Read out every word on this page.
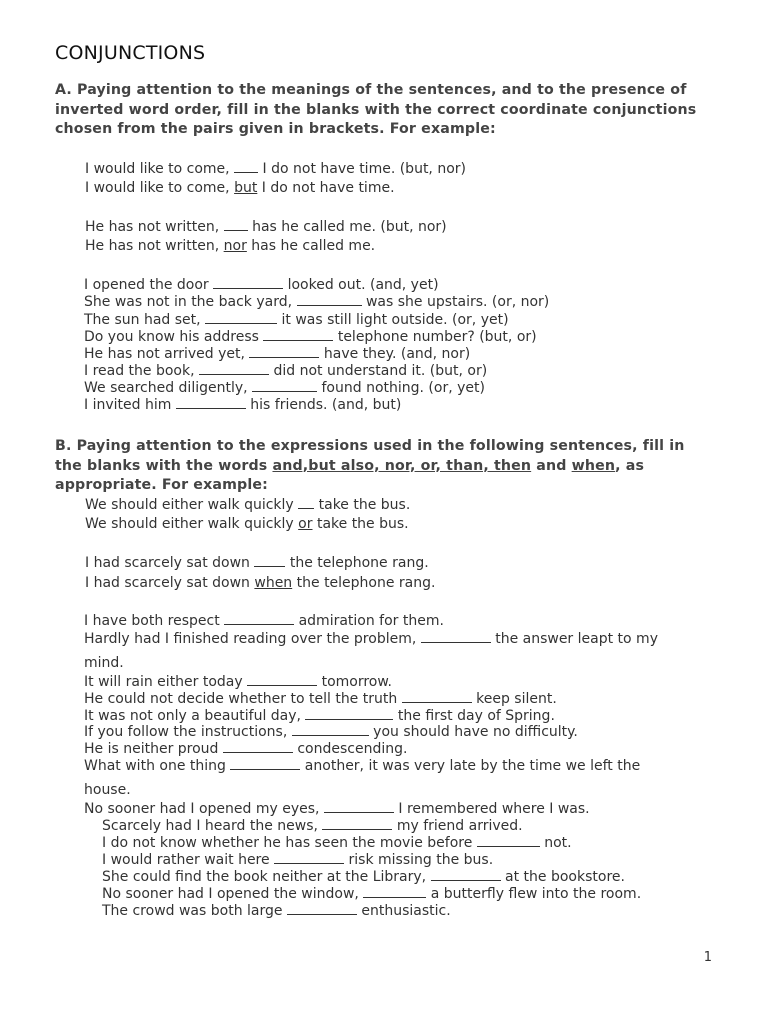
CONJUNCTIONS
A. Paying attention to the meanings of the sentences, and to the presence of inverted word order, fill in the blanks with the correct coordinate conjunctions chosen from the pairs given in brackets. For example:
I would like to come,  I do not have time. (but, nor)
I would like to come, but I do not have time.
He has not written,  has he called me. (but, nor)
He has not written, nor has he called me.
I opened the door	looked out. (and, yet)
She was not in the back yard,	was she upstairs. (or, nor)
The sun had set,	it was still light outside. (or, yet)
Do you know his address	telephone number? (but, or)
He has not arrived yet,	have they. (and, nor)
I read the book,	did not understand it. (but, or)
We searched diligently,	found nothing. (or, yet)
I invited him	his friends. (and, but)
B. Paying attention to the expressions used in the following sentences, fill in the blanks with the words and,but also, nor, or, than, then and when, as appropriate. For example:
We should either walk quickly  take the bus.
We should either walk quickly or take the bus.
I had scarcely sat down  the telephone rang.
I had scarcely sat down when the telephone rang.
I have both respect	admiration for them.
Hardly had I finished reading over the problem,	the answer leapt to my
mind.
It will rain either today	tomorrow.
He could not decide whether to tell the truth	keep silent.
It was not only a beautiful day,	the first day of Spring.
If you follow the instructions,	you should have no difficulty.
He is neither proud	condescending.
What with one thing	another, it was very late by the time we left the
house.
No sooner had I opened my eyes,	I remembered where I was.
Scarcely had I heard the news,	my friend arrived.
I do not know whether he has seen the movie before	not.
I would rather wait here	risk missing the bus.
She could find the book neither at the Library,	at the bookstore.
No sooner had I opened the window,	a butterfly flew into the room.
The crowd was both large	enthusiastic.
1
